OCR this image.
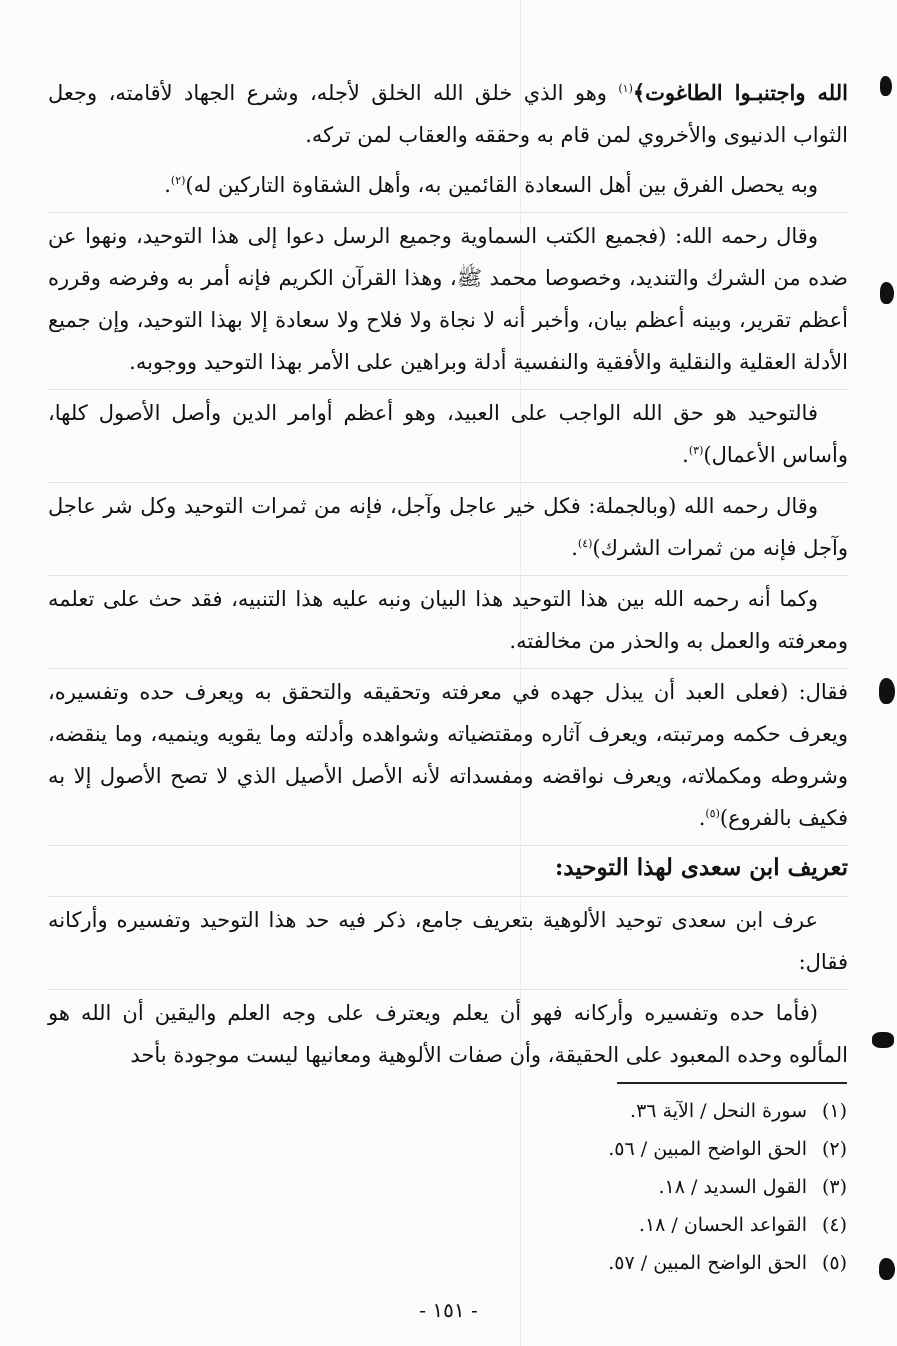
الله واجتنبـوا الطاغوت﴾$^{(١)}$ وهو الذي خلق الله الخلق لأجله، وشرع الجهاد لأقامته، وجعل الثواب الدنيوى والأخروي لمن قام به وحققه والعقاب لمن تركه.

وبه يحصل الفرق بين أهل السعادة القائمين به، وأهل الشقاوة التاركين له)$^{(٢)}$.

وقال رحمه الله: (فجميع الكتب السماوية وجميع الرسل دعوا إلى هذا التوحيد، ونهوا عن ضده من الشرك والتنديد، وخصوصا محمد ﷺ، وهذا القرآن الكريم فإنه أمر به وفرضه وقرره أعظم تقرير، وبينه أعظم بيان، وأخبر أنه لا نجاة ولا فلاح ولا سعادة إلا بهذا التوحيد، وإن جميع الأدلة العقلية والنقلية والأفقية والنفسية أدلة وبراهين على الأمر بهذا التوحيد ووجوبه.

فالتوحيد هو حق الله الواجب على العبيد، وهو أعظم أوامر الدين وأصل الأصول كلها، وأساس الأعمال)$^{(٣)}$.

وقال رحمه الله (وبالجملة: فكل خير عاجل وآجل، فإنه من ثمرات التوحيد وكل شر عاجل وآجل فإنه من ثمرات الشرك)$^{(٤)}$.

وكما أنه رحمه الله بين هذا التوحيد هذا البيان ونبه عليه هذا التنبيه، فقد حث على تعلمه ومعرفته والعمل به والحذر من مخالفته.

فقال: (فعلى العبد أن يبذل جهده في معرفته وتحقيقه والتحقق به ويعرف حده وتفسيره، ويعرف حكمه ومرتبته، ويعرف آثاره ومقتضياته وشواهده وأدلته وما يقويه وينميه، وما ينقضه، وشروطه ومكملاته، ويعرف نواقضه ومفسداته لأنه الأصل الأصيل الذي لا تصح الأصول إلا به فكيف بالفروع)$^{(٥)}$.

تعريف ابن سعدى لهذا التوحيد:

عرف ابن سعدى توحيد الألوهية بتعريف جامع، ذكر فيه حد هذا التوحيد وتفسيره وأركانه فقال:

(فأما حده وتفسيره وأركانه فهو أن يعلم ويعترف على وجه العلم واليقين أن الله هو المألوه وحده المعبود على الحقيقة، وأن صفات الألوهية ومعانيها ليست موجودة بأحد

(١)سورة النحل / الآية ٣٦.
(٢)الحق الواضح المبين / ٥٦.
(٣)القول السديد / ١٨.
(٤)القواعد الحسان / ١٨.
(٥)الحق الواضح المبين / ٥٧.
- ١٥١ -
